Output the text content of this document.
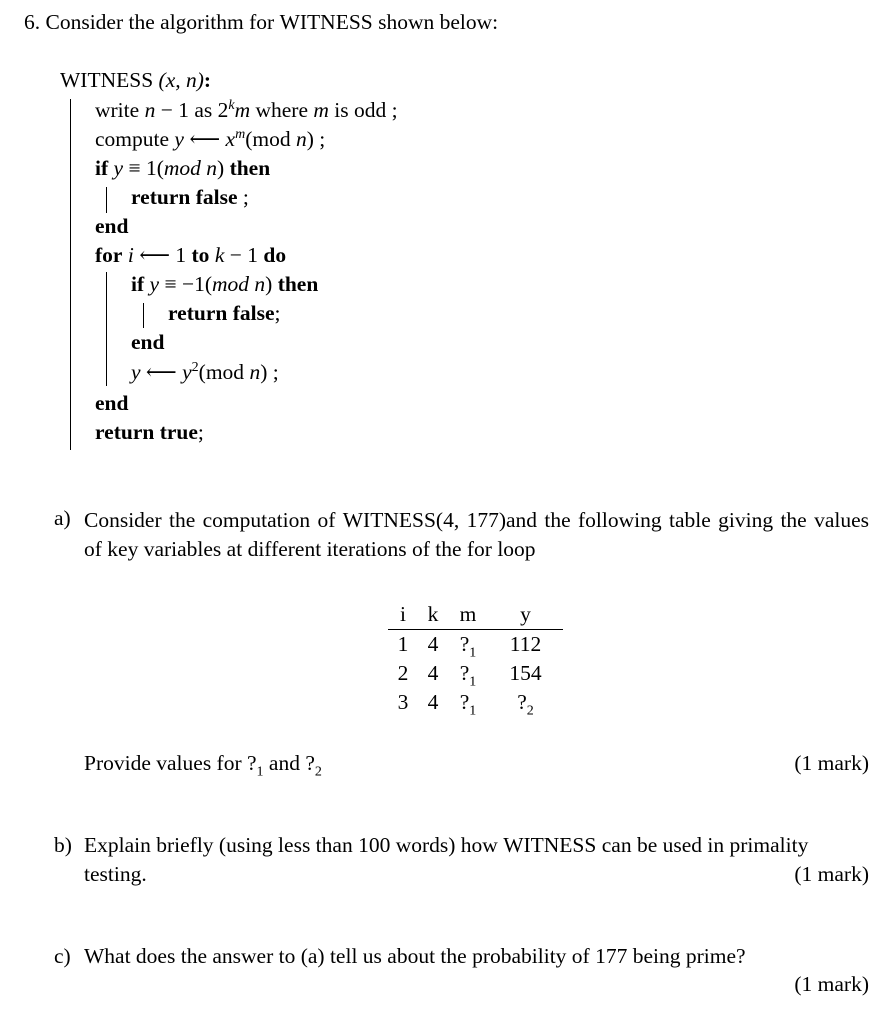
6. Consider the algorithm for WITNESS shown below:
WITNESS (x, n):
write n − 1 as 2$^k$m where m is odd ;
compute y ⟵ $x^m(mod$ n) ;
if y ≡ 1(mod n) then
return false ;
end
for i ⟵ 1 to k − 1 do
if y ≡ −1(mod n) then
return false;
end
y ⟵ $y^2(mod$ n) ;
end
return true;
a) Consider the computation of WITNESS(4, 177)and the following table giving the values of key variables at different iterations of the for loop
i	k	m	y
1	4	$?_1$	112
2	4	$?_1$	154
3	4	$?_1$	$?_2$
Provide values for $?_1$ and $?_2$	(1 mark)
b) Explain briefly (using less than 100 words) how WITNESS can be used in primality
testing.	(1 mark)
c) What does the answer to (a) tell us about the probability of 177 being prime?
(1 mark)
